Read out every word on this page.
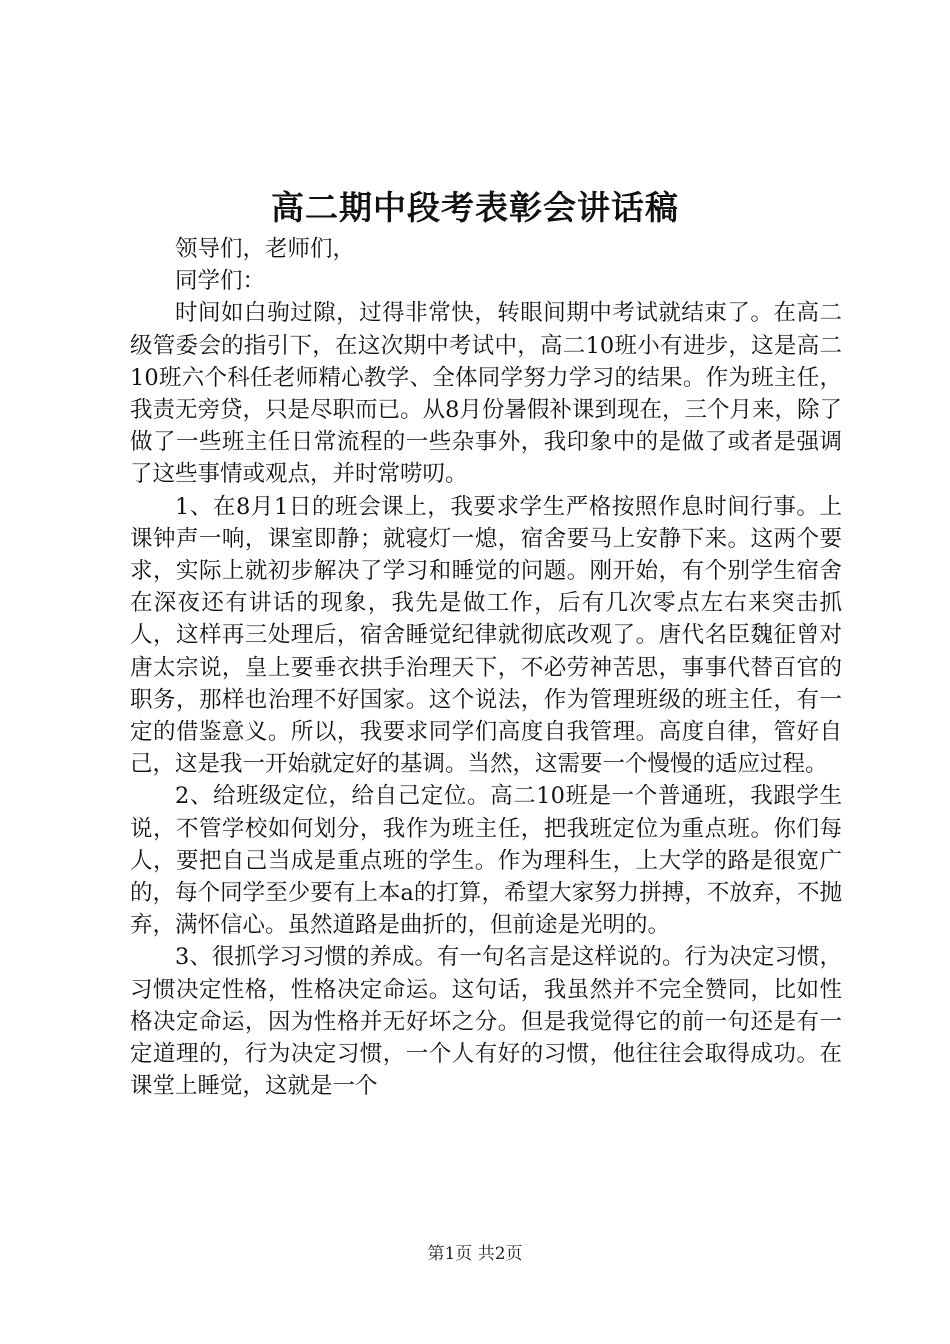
高二期中段考表彰会讲话稿

领导们，老师们，

同学们：

时间如白驹过隙，过得非常快，转眼间期中考试就结束了。在高二级管委会的指引下，在这次期中考试中，高二10班小有进步，这是高二10班六个科任老师精心教学、全体同学努力学习的结果。作为班主任，我责无旁贷，只是尽职而已。从8月份暑假补课到现在，三个月来，除了做了一些班主任日常流程的一些杂事外，我印象中的是做了或者是强调了这些事情或观点，并时常唠叨。

1、在8月1日的班会课上，我要求学生严格按照作息时间行事。上课钟声一响，课室即静；就寝灯一熄，宿舍要马上安静下来。这两个要求，实际上就初步解决了学习和睡觉的问题。刚开始，有个别学生宿舍在深夜还有讲话的现象，我先是做工作，后有几次零点左右来突击抓人，这样再三处理后，宿舍睡觉纪律就彻底改观了。唐代名臣魏征曾对唐太宗说，皇上要垂衣拱手治理天下，不必劳神苦思，事事代替百官的职务，那样也治理不好国家。这个说法，作为管理班级的班主任，有一定的借鉴意义。所以，我要求同学们高度自我管理。高度自律，管好自己，这是我一开始就定好的基调。当然，这需要一个慢慢的适应过程。

2、给班级定位，给自己定位。高二10班是一个普通班，我跟学生说，不管学校如何划分，我作为班主任，把我班定位为重点班。你们每人，要把自己当成是重点班的学生。作为理科生，上大学的路是很宽广的，每个同学至少要有上本a的打算，希望大家努力拼搏，不放弃，不抛弃，满怀信心。虽然道路是曲折的，但前途是光明的。

3、很抓学习习惯的养成。有一句名言是这样说的。行为决定习惯，习惯决定性格，性格决定命运。这句话，我虽然并不完全赞同，比如性格决定命运，因为性格并无好坏之分。但是我觉得它的前一句还是有一定道理的，行为决定习惯，一个人有好的习惯，他往往会取得成功。在课堂上睡觉，这就是一个

第1页 共2页
